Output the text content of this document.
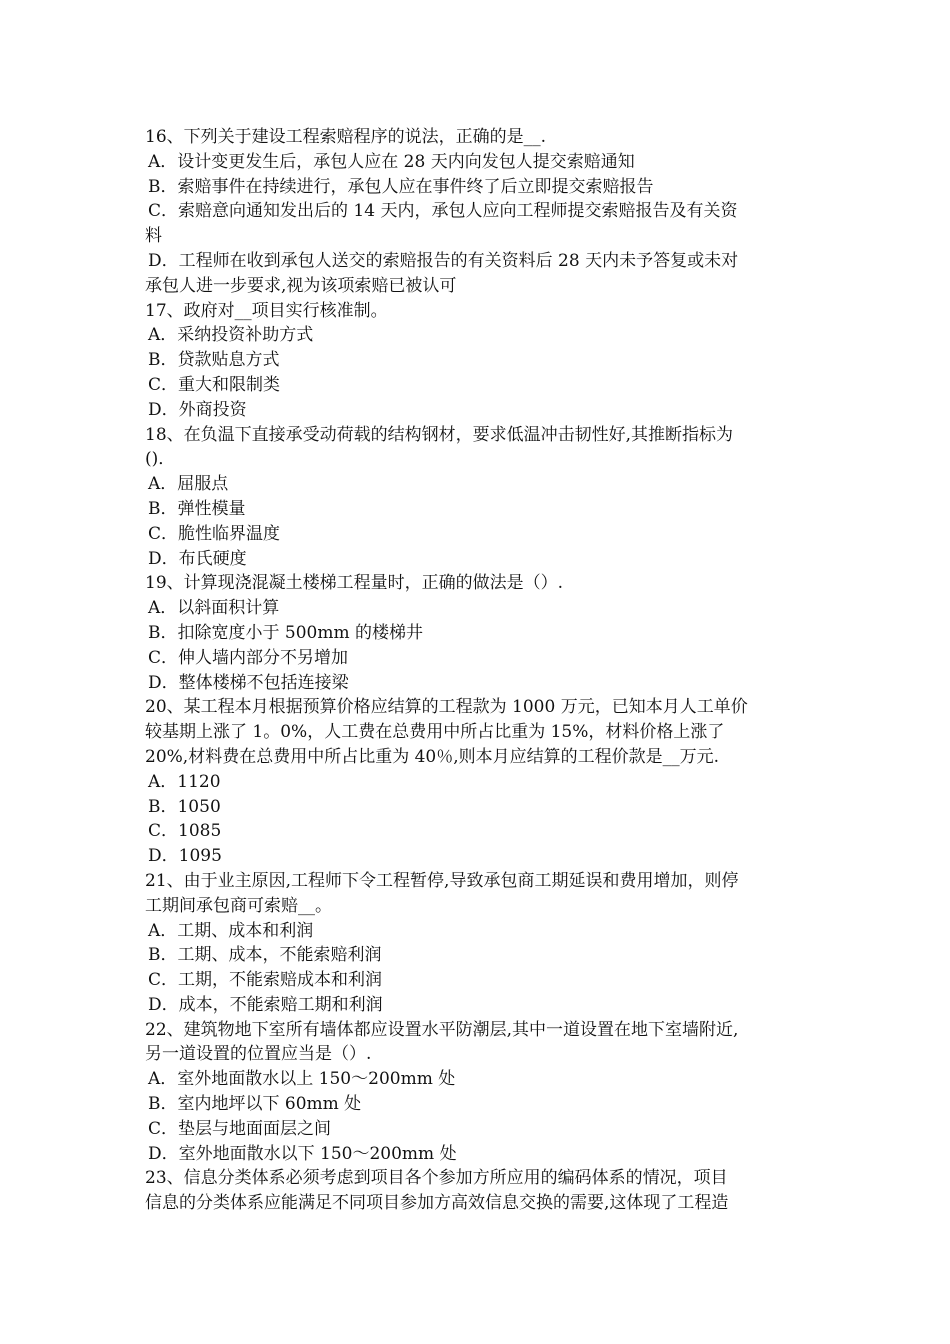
16、下列关于建设工程索赔程序的说法，正确的是__.
A．设计变更发生后，承包人应在 28 天内向发包人提交索赔通知
B．索赔事件在持续进行，承包人应在事件终了后立即提交索赔报告
C．索赔意向通知发出后的 14 天内，承包人应向工程师提交索赔报告及有关资
料
D．工程师在收到承包人送交的索赔报告的有关资料后 28 天内未予答复或未对
承包人进一步要求,视为该项索赔已被认可
17、政府对__项目实行核准制。
A．采纳投资补助方式
B．贷款贴息方式
C．重大和限制类
D．外商投资
18、在负温下直接承受动荷载的结构钢材，要求低温冲击韧性好,其推断指标为
()．
A．屈服点
B．弹性模量
C．脆性临界温度
D．布氏硬度
19、计算现浇混凝土楼梯工程量时，正确的做法是（）.
A．以斜面积计算
B．扣除宽度小于 500mm 的楼梯井
C．伸人墙内部分不另增加
D．整体楼梯不包括连接梁
20、某工程本月根据预算价格应结算的工程款为 1000 万元，已知本月人工单价
较基期上涨了 1。0%，人工费在总费用中所占比重为 15%，材料价格上涨了
20%,材料费在总费用中所占比重为 40％,则本月应结算的工程价款是__万元.
A．1120
B．1050
C．1085
D．1095
21、由于业主原因,工程师下令工程暂停,导致承包商工期延误和费用增加，则停
工期间承包商可索赔__。
A．工期、成本和利润
B．工期、成本，不能索赔利润
C．工期，不能索赔成本和利润
D．成本，不能索赔工期和利润
22、建筑物地下室所有墙体都应设置水平防潮层,其中一道设置在地下室墙附近,
另一道设置的位置应当是（）.
A．室外地面散水以上 150～200mm 处
B．室内地坪以下 60mm 处
C．垫层与地面面层之间
D．室外地面散水以下 150～200mm 处
23、信息分类体系必须考虑到项目各个参加方所应用的编码体系的情况，项目
信息的分类体系应能满足不同项目参加方高效信息交换的需要,这体现了工程造
